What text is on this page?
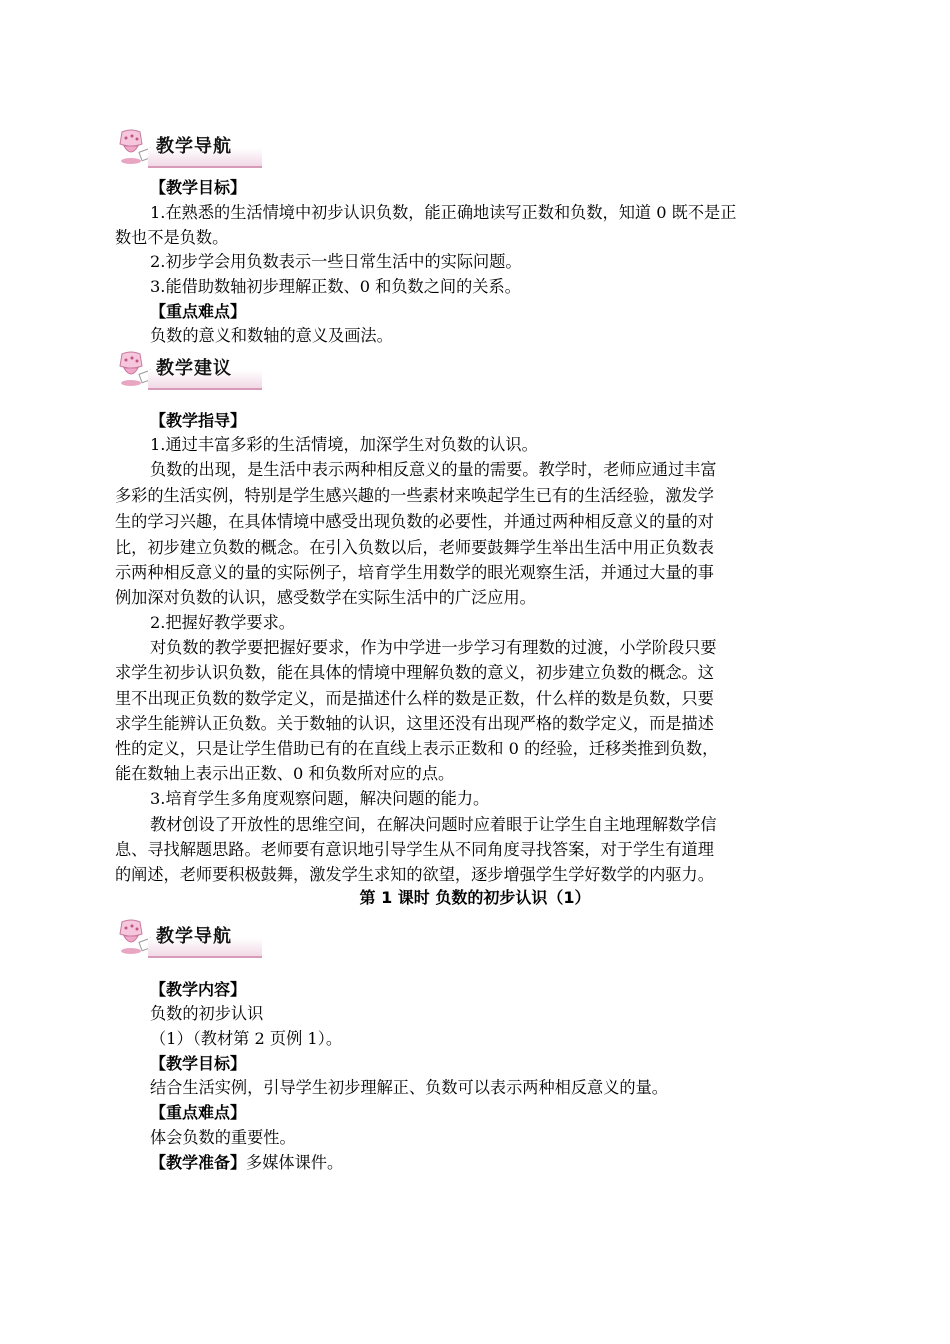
教学导航
【教学目标】
1.在熟悉的生活情境中初步认识负数，能正确地读写正数和负数，知道 0 既不是正
数也不是负数。
2.初步学会用负数表示一些日常生活中的实际问题。
3.能借助数轴初步理解正数、0 和负数之间的关系。
【重点难点】
负数的意义和数轴的意义及画法。
教学建议
【教学指导】
1.通过丰富多彩的生活情境，加深学生对负数的认识。
负数的出现，是生活中表示两种相反意义的量的需要。教学时，老师应通过丰富
多彩的生活实例，特别是学生感兴趣的一些素材来唤起学生已有的生活经验，激发学
生的学习兴趣，在具体情境中感受出现负数的必要性，并通过两种相反意义的量的对
比，初步建立负数的概念。在引入负数以后，老师要鼓舞学生举出生活中用正负数表
示两种相反意义的量的实际例子，培育学生用数学的眼光观察生活，并通过大量的事
例加深对负数的认识，感受数学在实际生活中的广泛应用。
2.把握好教学要求。
对负数的教学要把握好要求，作为中学进一步学习有理数的过渡，小学阶段只要
求学生初步认识负数，能在具体的情境中理解负数的意义，初步建立负数的概念。这
里不出现正负数的数学定义，而是描述什么样的数是正数，什么样的数是负数，只要
求学生能辨认正负数。关于数轴的认识，这里还没有出现严格的数学定义，而是描述
性的定义，只是让学生借助已有的在直线上表示正数和 0 的经验，迁移类推到负数，
能在数轴上表示出正数、0 和负数所对应的点。
3.培育学生多角度观察问题，解决问题的能力。
教材创设了开放性的思维空间，在解决问题时应着眼于让学生自主地理解数学信
息、寻找解题思路。老师要有意识地引导学生从不同角度寻找答案，对于学生有道理
的阐述，老师要积极鼓舞，激发学生求知的欲望，逐步增强学生学好数学的内驱力。
第 1 课时 负数的初步认识（1）
教学导航
【教学内容】
负数的初步认识
（1）（教材第 2 页例 1）。
【教学目标】
结合生活实例，引导学生初步理解正、负数可以表示两种相反意义的量。
【重点难点】
体会负数的重要性。
【教学准备】多媒体课件。
